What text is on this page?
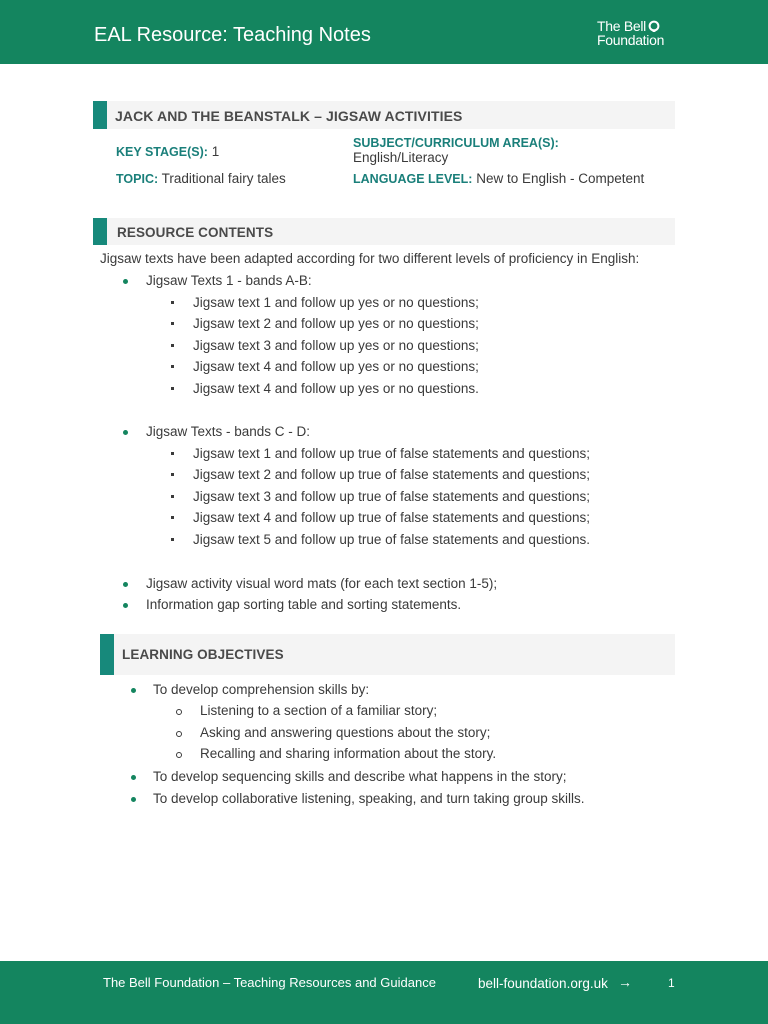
EAL Resource: Teaching Notes	The Bell
Foundation
JACK AND THE BEANSTALK – JIGSAW ACTIVITIES
KEY STAGE(S): 1
SUBJECT/CURRICULUM AREA(S):
English/Literacy
TOPIC: Traditional fairy tales	LANGUAGE LEVEL: New to English - Competent
RESOURCE CONTENTS
Jigsaw texts have been adapted according for two different levels of proficiency in English:
Jigsaw Texts 1 - bands A-B:
Jigsaw text 1 and follow up yes or no questions;
Jigsaw text 2 and follow up yes or no questions;
Jigsaw text 3 and follow up yes or no questions;
Jigsaw text 4 and follow up yes or no questions;
Jigsaw text 4 and follow up yes or no questions.
Jigsaw Texts - bands C - D:
Jigsaw text 1 and follow up true of false statements and questions;
Jigsaw text 2 and follow up true of false statements and questions;
Jigsaw text 3 and follow up true of false statements and questions;
Jigsaw text 4 and follow up true of false statements and questions;
Jigsaw text 5 and follow up true of false statements and questions.
Jigsaw activity visual word mats (for each text section 1-5);
Information gap sorting table and sorting statements.
LEARNING OBJECTIVES
To develop comprehension skills by:
Listening to a section of a familiar story;
Asking and answering questions about the story;
Recalling and sharing information about the story.
To develop sequencing skills and describe what happens in the story;
To develop collaborative listening, speaking, and turn taking group skills.
The Bell Foundation – Teaching Resources and Guidance	bell-foundation.org.uk →	1
